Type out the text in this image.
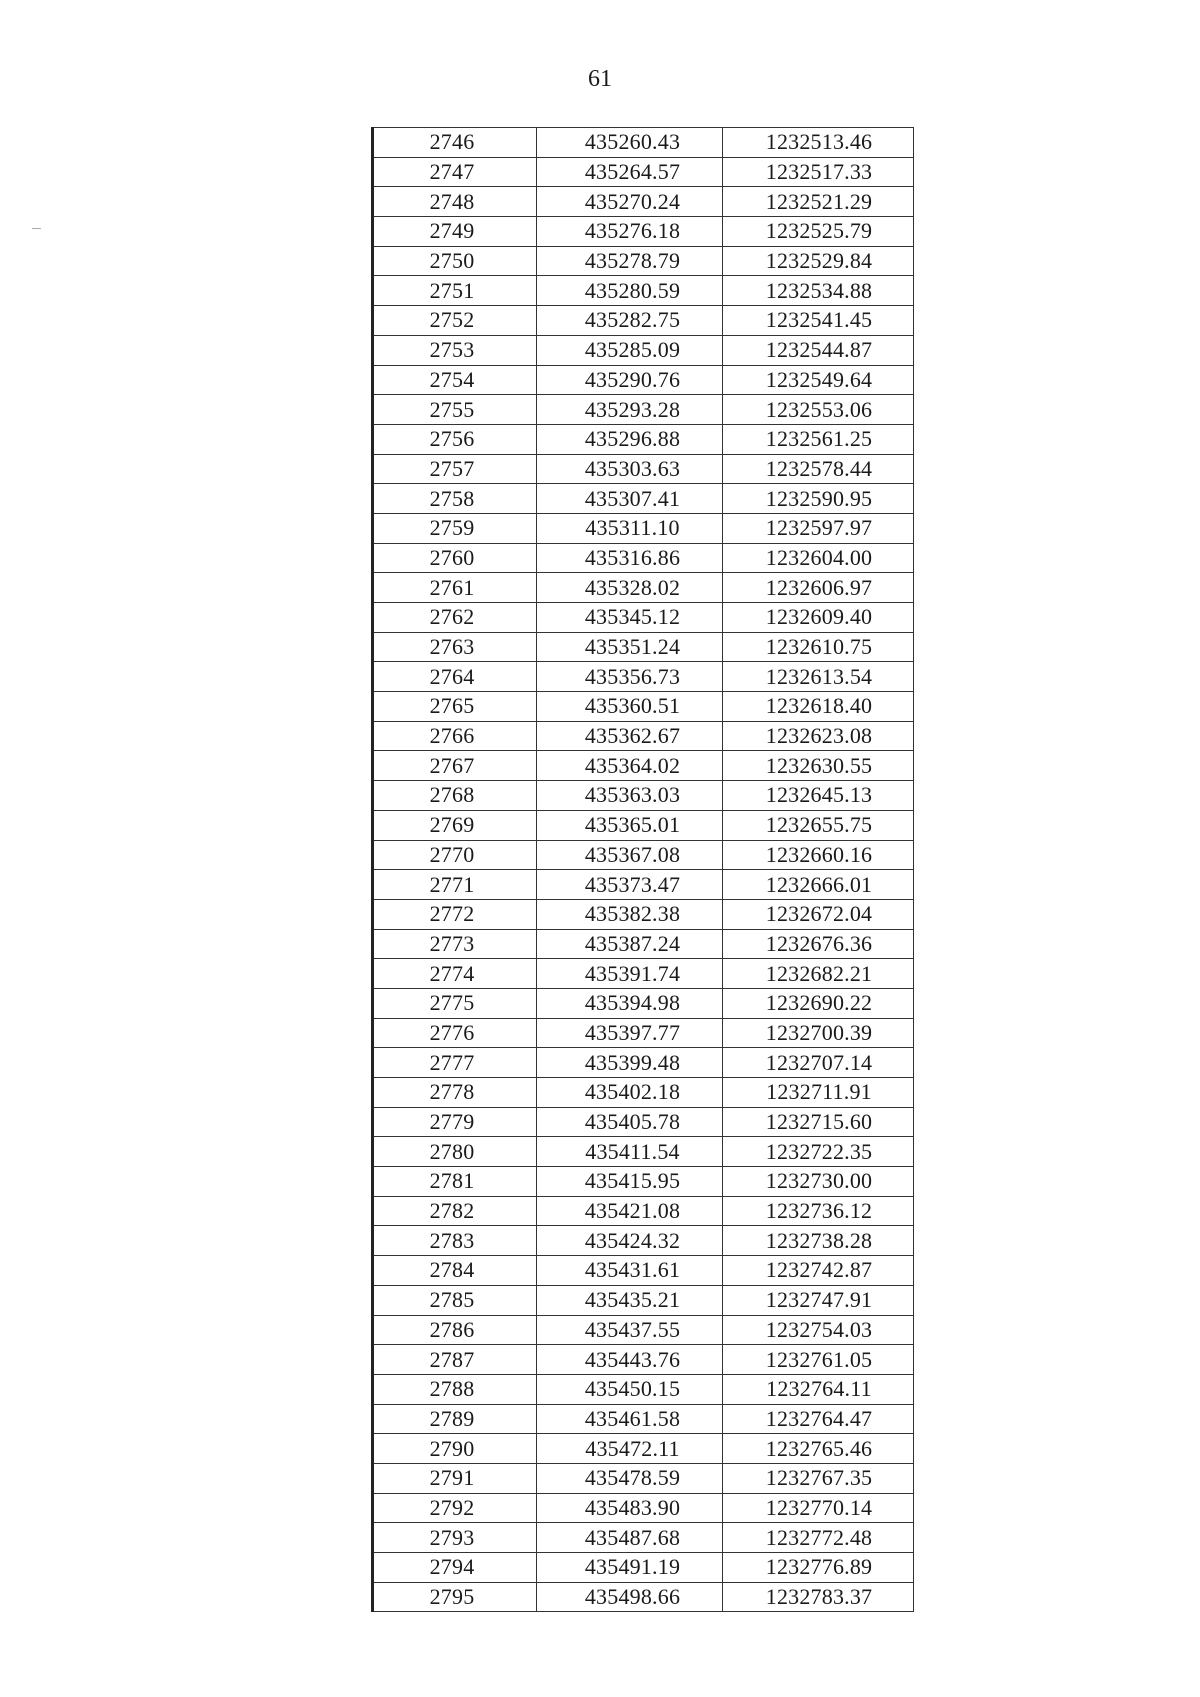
61
2746	435260.43	1232513.46
2747	435264.57	1232517.33
2748	435270.24	1232521.29
2749	435276.18	1232525.79
2750	435278.79	1232529.84
2751	435280.59	1232534.88
2752	435282.75	1232541.45
2753	435285.09	1232544.87
2754	435290.76	1232549.64
2755	435293.28	1232553.06
2756	435296.88	1232561.25
2757	435303.63	1232578.44
2758	435307.41	1232590.95
2759	435311.10	1232597.97
2760	435316.86	1232604.00
2761	435328.02	1232606.97
2762	435345.12	1232609.40
2763	435351.24	1232610.75
2764	435356.73	1232613.54
2765	435360.51	1232618.40
2766	435362.67	1232623.08
2767	435364.02	1232630.55
2768	435363.03	1232645.13
2769	435365.01	1232655.75
2770	435367.08	1232660.16
2771	435373.47	1232666.01
2772	435382.38	1232672.04
2773	435387.24	1232676.36
2774	435391.74	1232682.21
2775	435394.98	1232690.22
2776	435397.77	1232700.39
2777	435399.48	1232707.14
2778	435402.18	1232711.91
2779	435405.78	1232715.60
2780	435411.54	1232722.35
2781	435415.95	1232730.00
2782	435421.08	1232736.12
2783	435424.32	1232738.28
2784	435431.61	1232742.87
2785	435435.21	1232747.91
2786	435437.55	1232754.03
2787	435443.76	1232761.05
2788	435450.15	1232764.11
2789	435461.58	1232764.47
2790	435472.11	1232765.46
2791	435478.59	1232767.35
2792	435483.90	1232770.14
2793	435487.68	1232772.48
2794	435491.19	1232776.89
2795	435498.66	1232783.37
